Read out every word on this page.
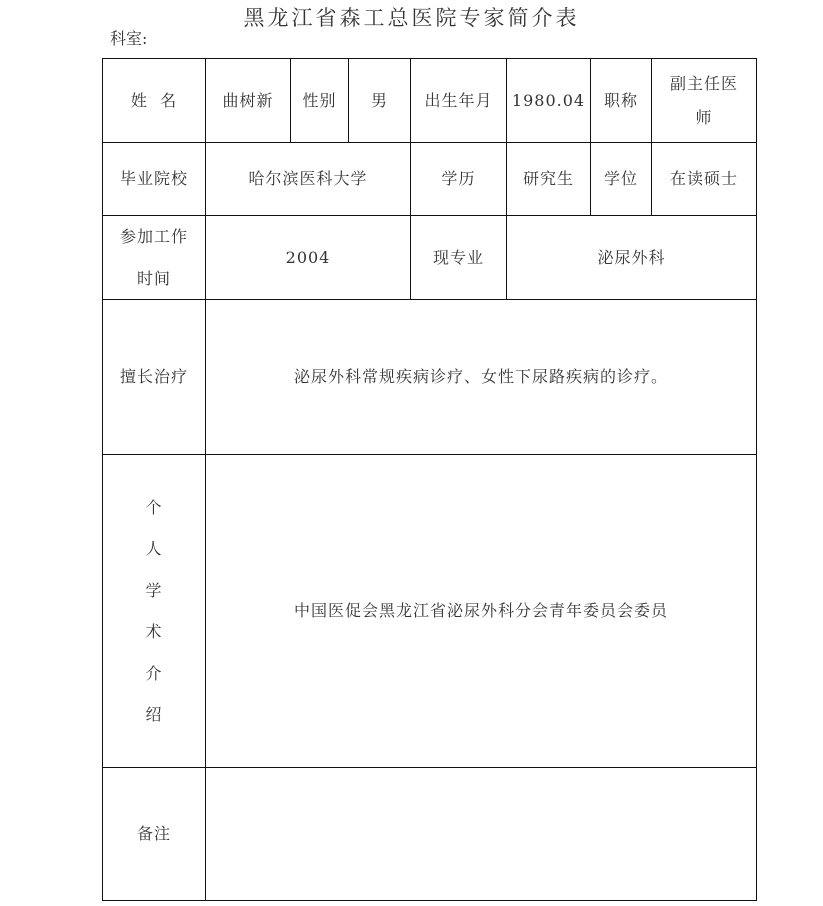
黑龙江省森工总医院专家简介表
科室:
姓  名	曲树新	性别	男	出生年月	1980.04	职称	副主任医
师
毕业院校	哈尔滨医科大学			学历	研究生	学位	在读硕士
参加工作
时间	2004			现专业	泌尿外科		
擅长治疗	泌尿外科常规疾病诊疗、女性下尿路疾病的诊疗。						

个
人
学
术
介
绍
	中国医促会黑龙江省泌尿外科分会青年委员会委员
备注							
